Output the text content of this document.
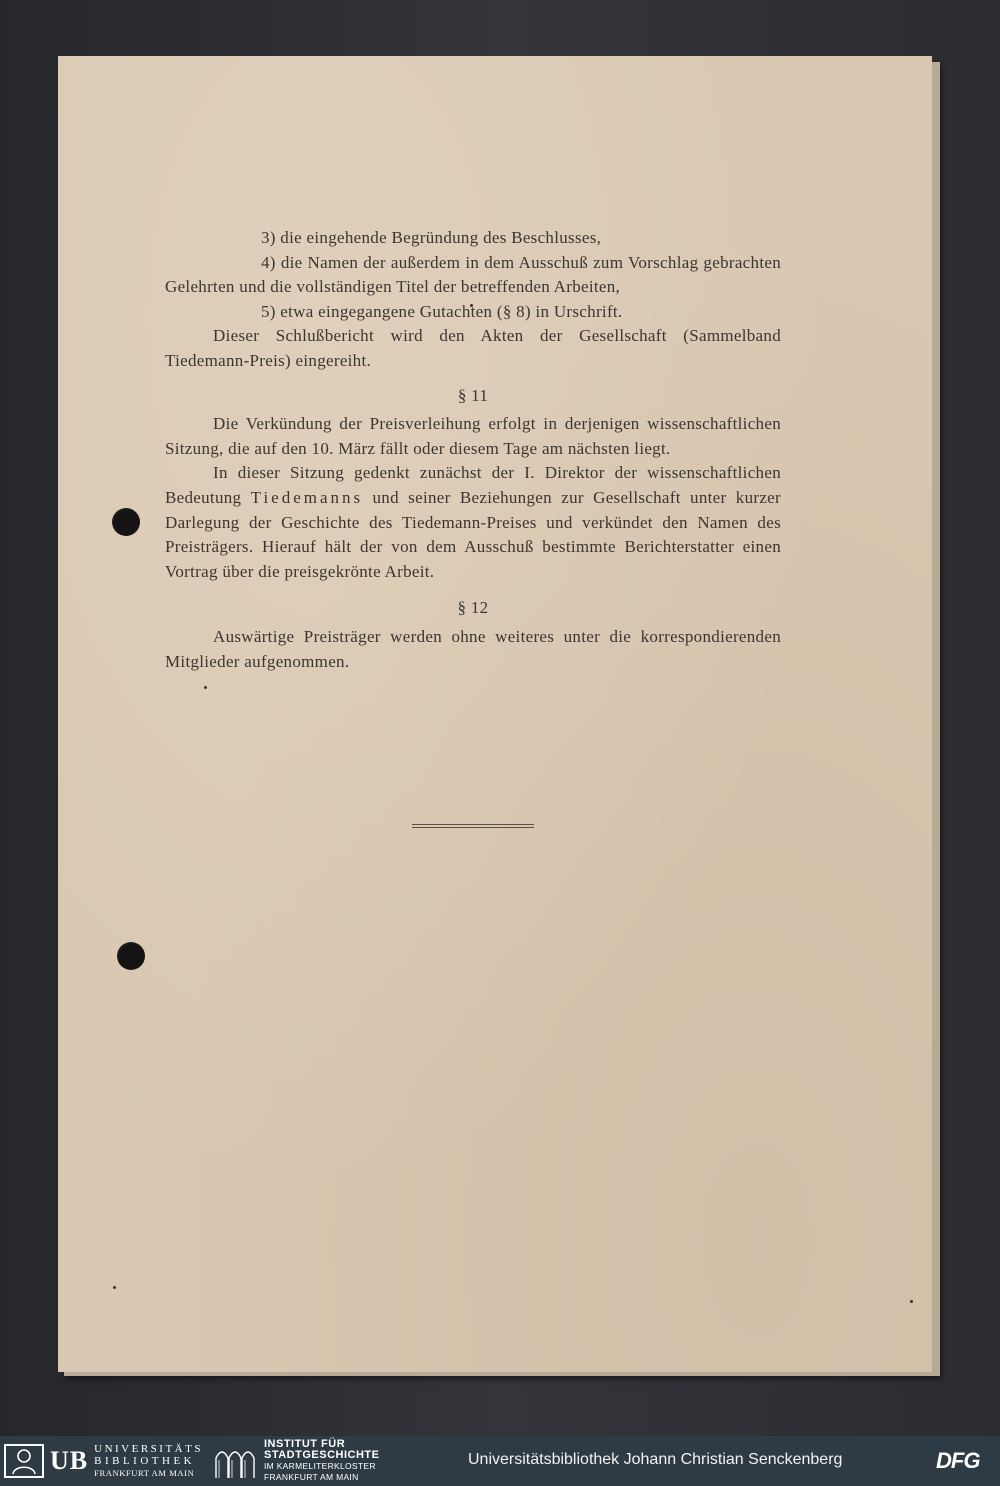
3) die eingehende Begründung des Beschlusses,

4) die Namen der außerdem in dem Ausschuß zum Vorschlag gebrachten Gelehrten und die vollständigen Titel der betreffenden Arbeiten,

5) etwa eingegangene Gutachten (§ 8) in Urschrift.

Dieser Schlußbericht wird den Akten der Gesellschaft (Sammelband Tiedemann-Preis) eingereiht.

§ 11

Die Verkündung der Preisverleihung erfolgt in derjenigen wissenschaftlichen Sitzung, die auf den 10. März fällt oder diesem Tage am nächsten liegt.

In dieser Sitzung gedenkt zunächst der I. Direktor der wissenschaftlichen Bedeutung Tiedemanns und seiner Beziehungen zur Gesellschaft unter kurzer Darlegung der Geschichte des Tiedemann-Preises und verkündet den Namen des Preisträgers. Hierauf hält der von dem Ausschuß bestimmte Berichterstatter einen Vortrag über die preisgekrönte Arbeit.

§ 12

Auswärtige Preisträger werden ohne weiteres unter die korrespondierenden Mitglieder aufgenommen.

UB UNIVERSITÄTS
BIBLIOTHEK
FRANKFURT AM MAIN
INSTITUT FÜR
STADTGESCHICHTE
IM KARMELITERKLOSTER
FRANKFURT AM MAIN
Universitätsbibliothek Johann Christian Senckenberg	DFG
